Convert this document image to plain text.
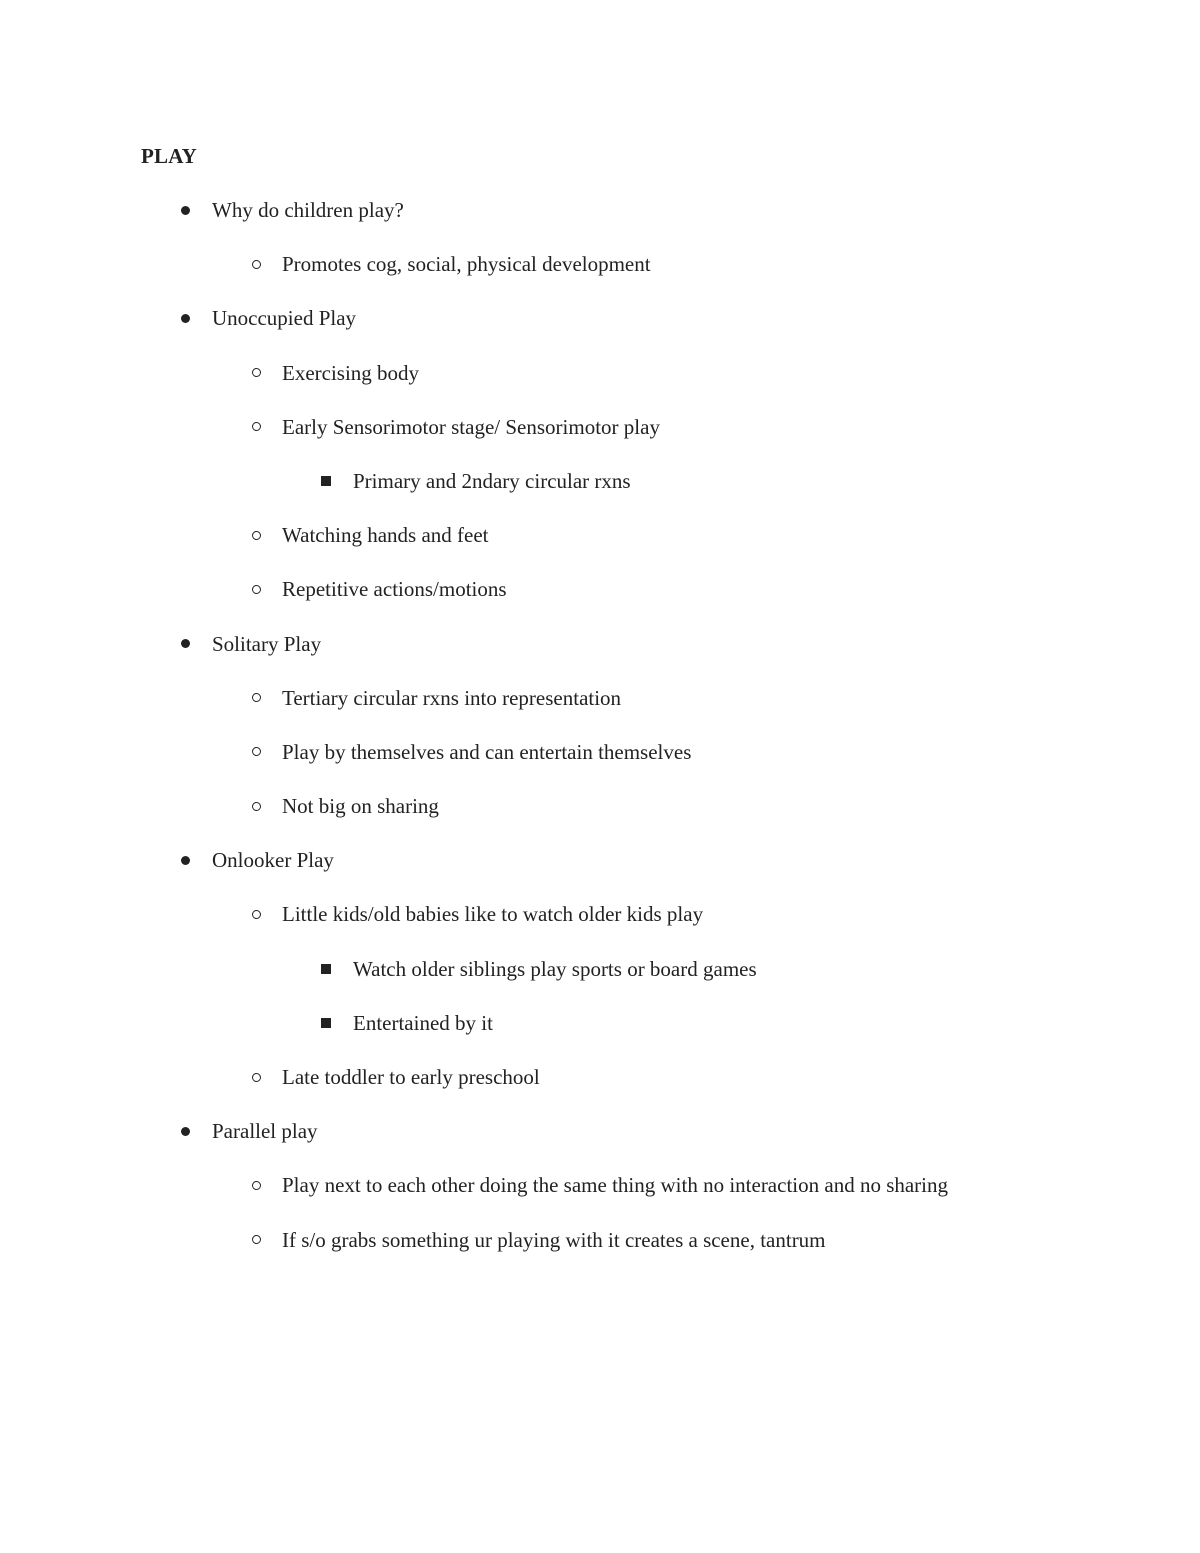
PLAY
Why do children play?
Promotes cog, social, physical development
Unoccupied Play
Exercising body
Early Sensorimotor stage/ Sensorimotor play
Primary and 2ndary circular rxns
Watching hands and feet
Repetitive actions/motions
Solitary Play
Tertiary circular rxns into representation
Play by themselves and can entertain themselves
Not big on sharing
Onlooker Play
Little kids/old babies like to watch older kids play
Watch older siblings play sports or board games
Entertained by it
Late toddler to early preschool
Parallel play
Play next to each other doing the same thing with no interaction and no sharing
If s/o grabs something ur playing with it creates a scene, tantrum
